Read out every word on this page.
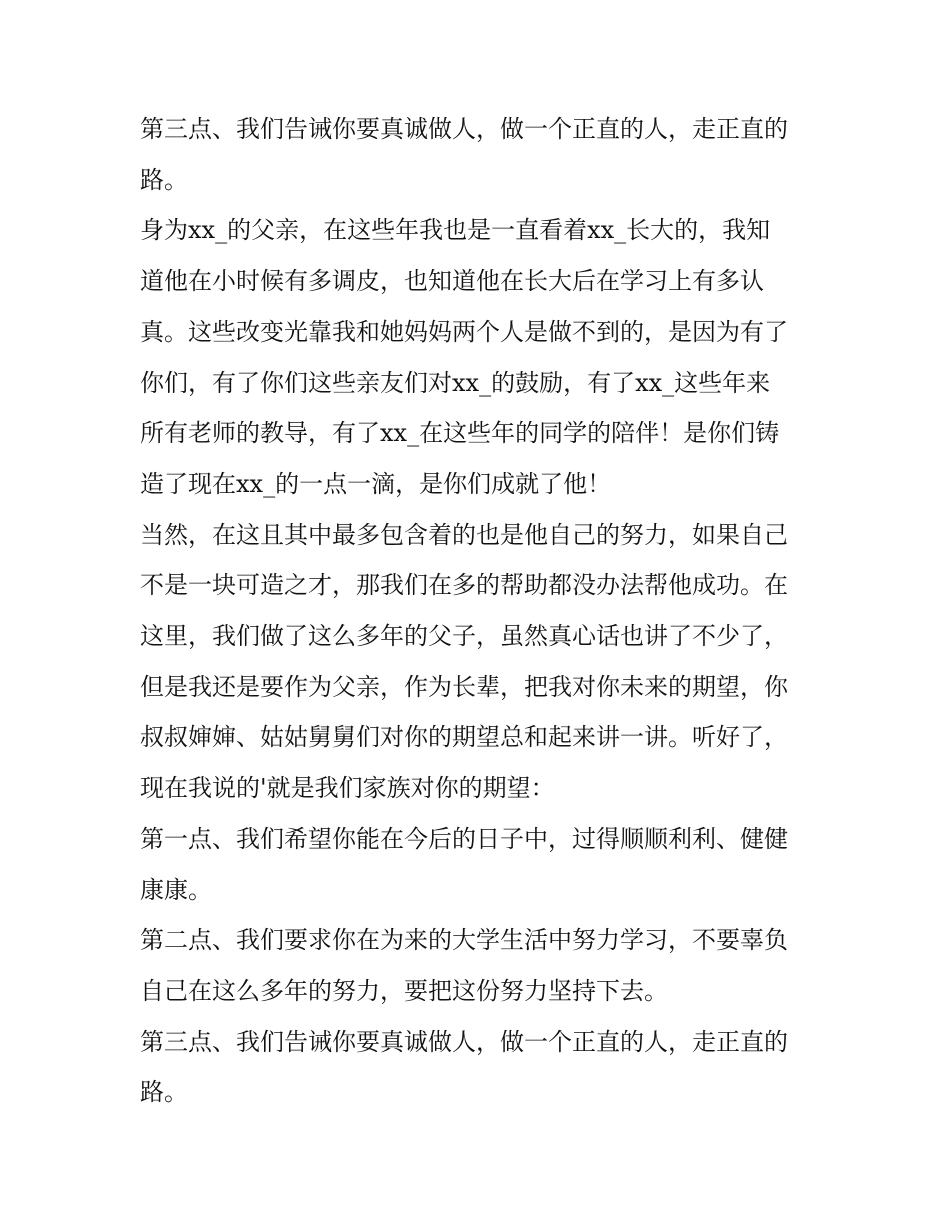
第三点、我们告诫你要真诚做人，做一个正直的人，走正直的
路。

身为xx_的父亲，在这些年我也是一直看着xx_长大的，我知
道他在小时候有多调皮，也知道他在长大后在学习上有多认
真。这些改变光靠我和她妈妈两个人是做不到的，是因为有了
你们，有了你们这些亲友们对xx_的鼓励，有了xx_这些年来
所有老师的教导，有了xx_在这些年的同学的陪伴！是你们铸
造了现在xx_的一点一滴，是你们成就了他！

当然，在这且其中最多包含着的也是他自己的努力，如果自己
不是一块可造之才，那我们在多的帮助都没办法帮他成功。在
这里，我们做了这么多年的父子，虽然真心话也讲了不少了，
但是我还是要作为父亲，作为长辈，把我对你未来的期望，你
叔叔婶婶、姑姑舅舅们对你的期望总和起来讲一讲。听好了，
现在我说的'就是我们家族对你的期望：

第一点、我们希望你能在今后的日子中，过得顺顺利利、健健
康康。

第二点、我们要求你在为来的大学生活中努力学习，不要辜负
自己在这么多年的努力，要把这份努力坚持下去。

第三点、我们告诫你要真诚做人，做一个正直的人，走正直的
路。
